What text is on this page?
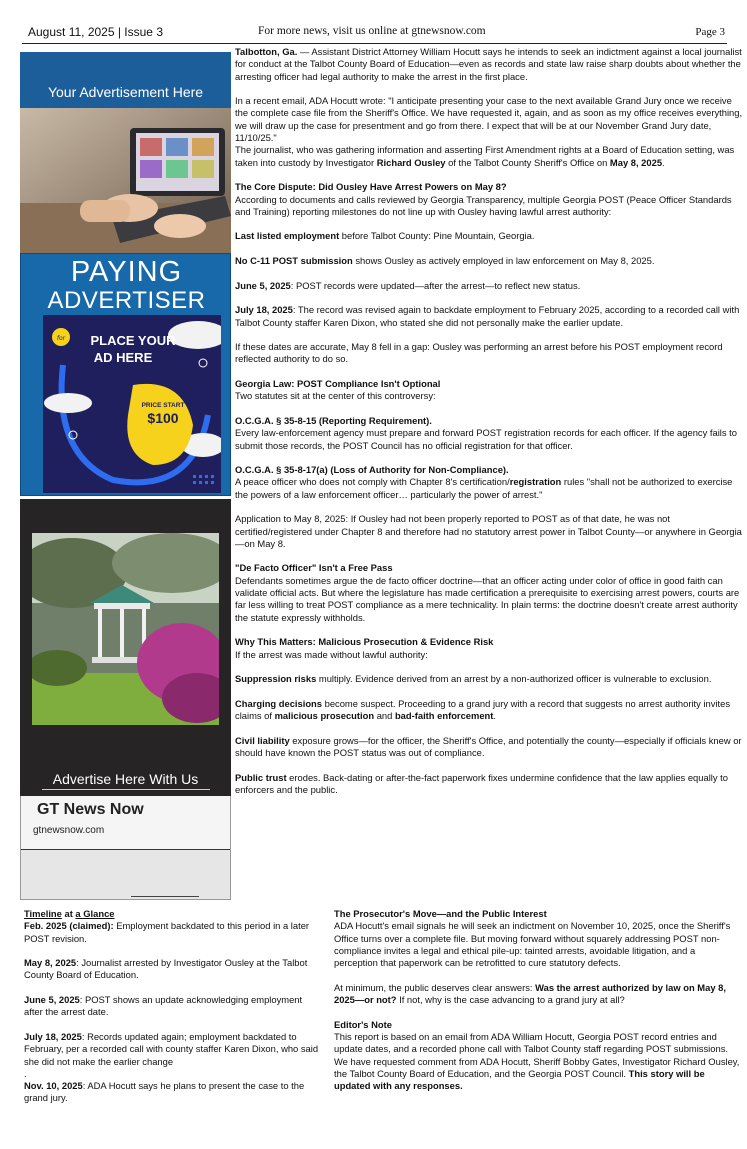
August 11, 2025 | Issue 3	For more news, visit us online at gtnewsnow.com	Page 3
Your Advertisement Here
PAYING
ADVERTISER
for PLACE YOUR
AD HERE
PRICE START
$100
Advertise Here With Us
GT News Now
gtnewsnow.com

Talbotton, Ga. — Assistant District Attorney William Hocutt says he intends to seek an indictment against a local journalist for conduct at the Talbot County Board of Education—even as records and state law raise sharp doubts about whether the arresting officer had legal authority to make the arrest in the first place.

In a recent email, ADA Hocutt wrote: "I anticipate presenting your case to the next available Grand Jury once we receive the complete case file from the Sheriff's Office. We have requested it, again, and as soon as my office receives everything, we will draw up the case for presentment and go from there. I expect that will be at our November Grand Jury date, 11/10/25."

The journalist, who was gathering information and asserting First Amendment rights at a Board of Education setting, was taken into custody by Investigator Richard Ousley of the Talbot County Sheriff's Office on May 8, 2025.

The Core Dispute: Did Ousley Have Arrest Powers on May 8?

According to documents and calls reviewed by Georgia Transparency, multiple Georgia POST (Peace Officer Standards and Training) reporting milestones do not line up with Ousley having lawful arrest authority:

Last listed employment before Talbot County: Pine Mountain, Georgia.

No C-11 POST submission shows Ousley as actively employed in law enforcement on May 8, 2025.

June 5, 2025: POST records were updated—after the arrest—to reflect new status.

July 18, 2025: The record was revised again to backdate employment to February 2025, according to a recorded call with Talbot County staffer Karen Dixon, who stated she did not personally make the earlier update.

If these dates are accurate, May 8 fell in a gap: Ousley was performing an arrest before his POST employment record reflected authority to do so.

Georgia Law: POST Compliance Isn't Optional

Two statutes sit at the center of this controversy:

O.C.G.A. § 35-8-15 (Reporting Requirement).

Every law-enforcement agency must prepare and forward POST registration records for each officer. If the agency fails to submit those records, the POST Council has no official registration for that officer.

O.C.G.A. § 35-8-17(a) (Loss of Authority for Non-Compliance).

A peace officer who does not comply with Chapter 8's certification/registration rules "shall not be authorized to exercise the powers of a law enforcement officer… particularly the power of arrest."

Application to May 8, 2025: If Ousley had not been properly reported to POST as of that date, he was not certified/registered under Chapter 8 and therefore had no statutory arrest power in Talbot County—or anywhere in Georgia—on May 8.

"De Facto Officer" Isn't a Free Pass

Defendants sometimes argue the de facto officer doctrine—that an officer acting under color of office in good faith can validate official acts. But where the legislature has made certification a prerequisite to exercising arrest powers, courts are far less willing to treat POST compliance as a mere technicality. In plain terms: the doctrine doesn't create arrest authority the statute expressly withholds.

Why This Matters: Malicious Prosecution & Evidence Risk

If the arrest was made without lawful authority:

Suppression risks multiply. Evidence derived from an arrest by a non-authorized officer is vulnerable to exclusion.

Charging decisions become suspect. Proceeding to a grand jury with a record that suggests no arrest authority invites claims of malicious prosecution and bad-faith enforcement.

Civil liability exposure grows—for the officer, the Sheriff's Office, and potentially the county—especially if officials knew or should have known the POST status was out of compliance.

Public trust erodes. Back-dating or after-the-fact paperwork fixes undermine confidence that the law applies equally to enforcers and the public.

Timeline at a Glance

Feb. 2025 (claimed): Employment backdated to this period in a later POST revision.

May 8, 2025: Journalist arrested by Investigator Ousley at the Talbot County Board of Education.

June 5, 2025: POST shows an update acknowledging employment after the arrest date.

July 18, 2025: Records updated again; employment backdated to February, per a recorded call with county staffer Karen Dixon, who said she did not make the earlier change

.

Nov. 10, 2025: ADA Hocutt says he plans to present the case to the grand jury.

The Prosecutor's Move—and the Public Interest

ADA Hocutt's email signals he will seek an indictment on November 10, 2025, once the Sheriff's Office turns over a complete file. But moving forward without squarely addressing POST non-compliance invites a legal and ethical pile-up: tainted arrests, avoidable litigation, and a perception that paperwork can be retrofitted to cure statutory defects.

At minimum, the public deserves clear answers: Was the arrest authorized by law on May 8, 2025—or not? If not, why is the case advancing to a grand jury at all?

Editor's Note

This report is based on an email from ADA William Hocutt, Georgia POST record entries and update dates, and a recorded phone call with Talbot County staff regarding POST submissions. We have requested comment from ADA Hocutt, Sheriff Bobby Gates, Investigator Richard Ousley, the Talbot County Board of Education, and the Georgia POST Council. This story will be updated with any responses.
